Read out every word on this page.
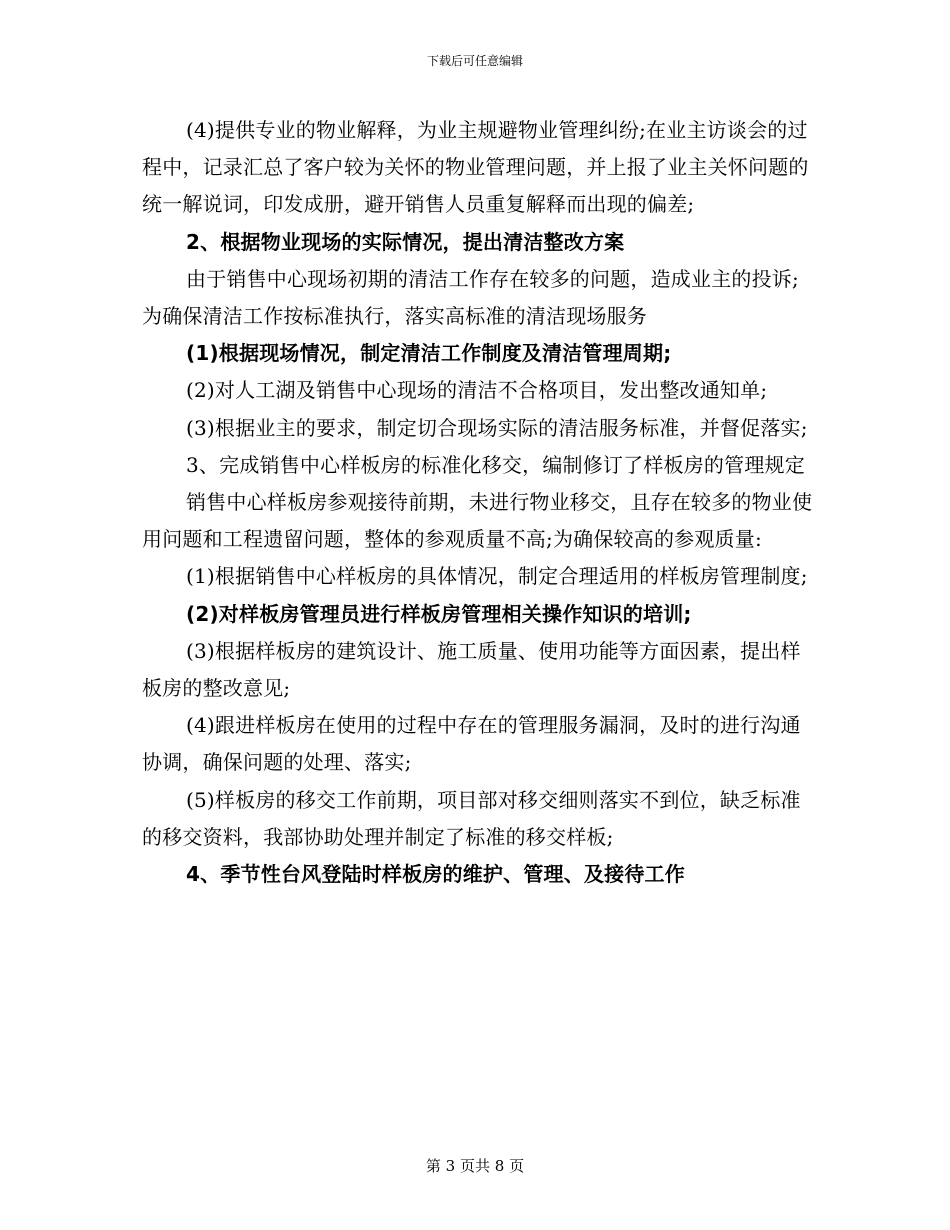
下载后可任意编辑

(4)提供专业的物业解释，为业主规避物业管理纠纷;在业主访谈会的过程中，记录汇总了客户较为关怀的物业管理问题，并上报了业主关怀问题的统一解说词，印发成册，避开销售人员重复解释而出现的偏差;

2、根据物业现场的实际情况，提出清洁整改方案

由于销售中心现场初期的清洁工作存在较多的问题，造成业主的投诉;为确保清洁工作按标准执行，落实高标准的清洁现场服务

(1)根据现场情况，制定清洁工作制度及清洁管理周期;

(2)对人工湖及销售中心现场的清洁不合格项目，发出整改通知单;

(3)根据业主的要求，制定切合现场实际的清洁服务标准，并督促落实;

3、完成销售中心样板房的标准化移交，编制修订了样板房的管理规定

销售中心样板房参观接待前期，未进行物业移交，且存在较多的物业使用问题和工程遗留问题，整体的参观质量不高;为确保较高的参观质量:

(1)根据销售中心样板房的具体情况，制定合理适用的样板房管理制度;

(2)对样板房管理员进行样板房管理相关操作知识的培训;

(3)根据样板房的建筑设计、施工质量、使用功能等方面因素，提出样板房的整改意见;

(4)跟进样板房在使用的过程中存在的管理服务漏洞，及时的进行沟通协调，确保问题的处理、落实;

(5)样板房的移交工作前期，项目部对移交细则落实不到位，缺乏标准的移交资料，我部协助处理并制定了标准的移交样板;

4、季节性台风登陆时样板房的维护、管理、及接待工作

第 3 页共 8 页
